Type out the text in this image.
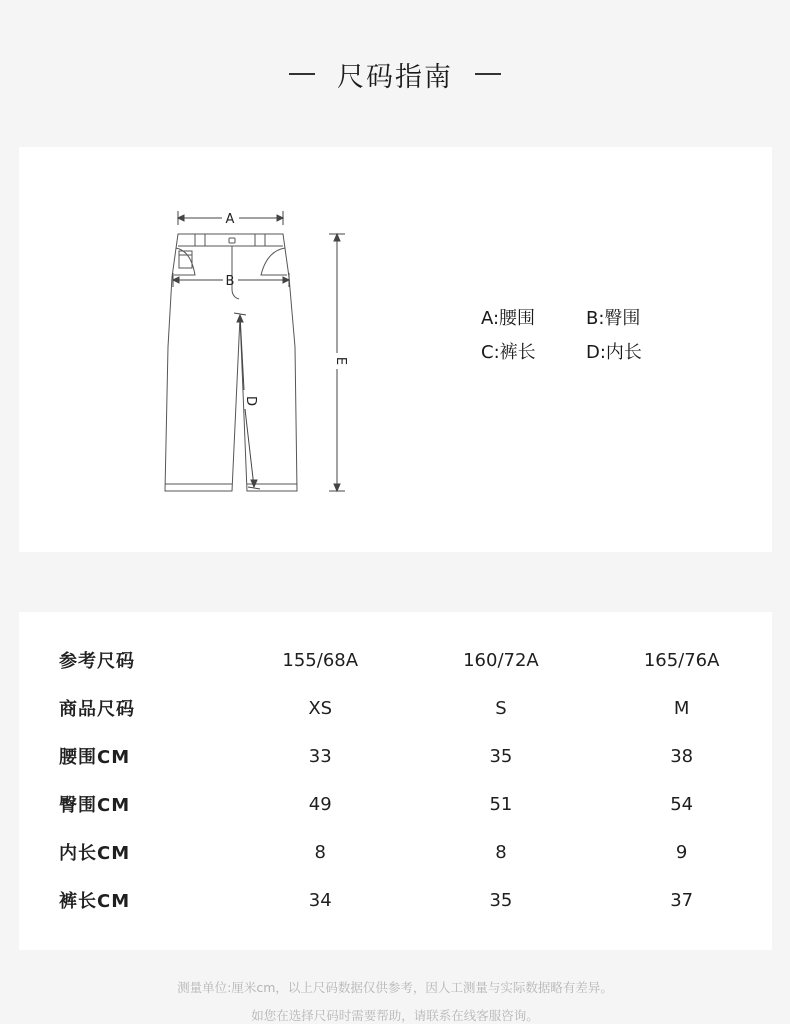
尺码指南
A
B
D
E
A:腰围	B:臀围
C:裤长	D:内长
参考尺码	155/68A	160/72A	165/76A
商品尺码	XS	S	M
腰围CM	33	35	38
臀围CM	49	51	54
内长CM	8	8	9
裤长CM	34	35	37
测量单位:厘米cm，以上尺码数据仅供参考，因人工测量与实际数据略有差异。
如您在选择尺码时需要帮助，请联系在线客服咨询。
